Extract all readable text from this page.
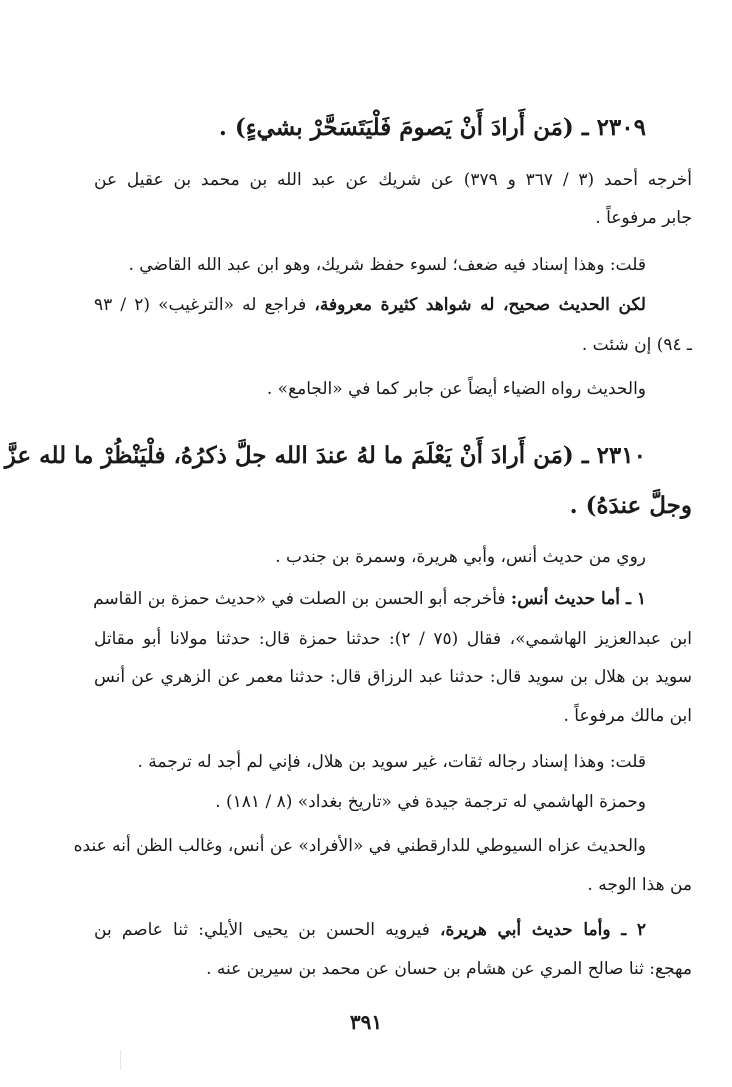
٢٣٠٩ ـ (مَن أَرادَ أَنْ يَصومَ فَلْيَتَسَحَّرْ بشيءٍ) .
أخرجه أحمد (٣ / ٣٦٧ و ٣٧٩) عن شريك عن عبد الله بن محمد بن عقيل عن
جابر مرفوعاً .
قلت: وهذا إسناد فيه ضعف؛ لسوء حفظ شريك، وهو ابن عبد الله القاضي .
لكن الحديث صحيح، له شواهد كثيرة معروفة، فراجع له «الترغيب» (٢ / ٩٣
ـ ٩٤) إن شئت .
والحديث رواه الضياء أيضاً عن جابر كما في «الجامع» .
٢٣١٠ ـ (مَن أَرادَ أَنْ يَعْلَمَ ما لهُ عندَ الله جلَّ ذكرُهُ، فلْيَنْظُرْ ما لله عزَّ
وجلَّ عندَهُ) .
روي من حديث أنس، وأبي هريرة، وسمرة بن جندب .
١ ـ أما حديث أنس: فأخرجه أبو الحسن بن الصلت في «حديث حمزة بن القاسم
ابن عبدالعزيز الهاشمي»، فقال (٧٥ / ٢): حدثنا حمزة قال: حدثنا مولانا أبو مقاتل
سويد بن هلال بن سويد قال: حدثنا عبد الرزاق قال: حدثنا معمر عن الزهري عن أنس
ابن مالك مرفوعاً .
قلت: وهذا إسناد رجاله ثقات، غير سويد بن هلال، فإني لم أجد له ترجمة .
وحمزة الهاشمي له ترجمة جيدة في «تاريخ بغداد» (٨ / ١٨١) .
والحديث عزاه السيوطي للدارقطني في «الأفراد» عن أنس، وغالب الظن أنه عنده
من هذا الوجه .
٢ ـ وأما حديث أبي هريرة، فيرويه الحسن بن يحيى الأيلي: ثنا عاصم بن
مهجع: ثنا صالح المري عن هشام بن حسان عن محمد بن سيرين عنه .
٣٩١
